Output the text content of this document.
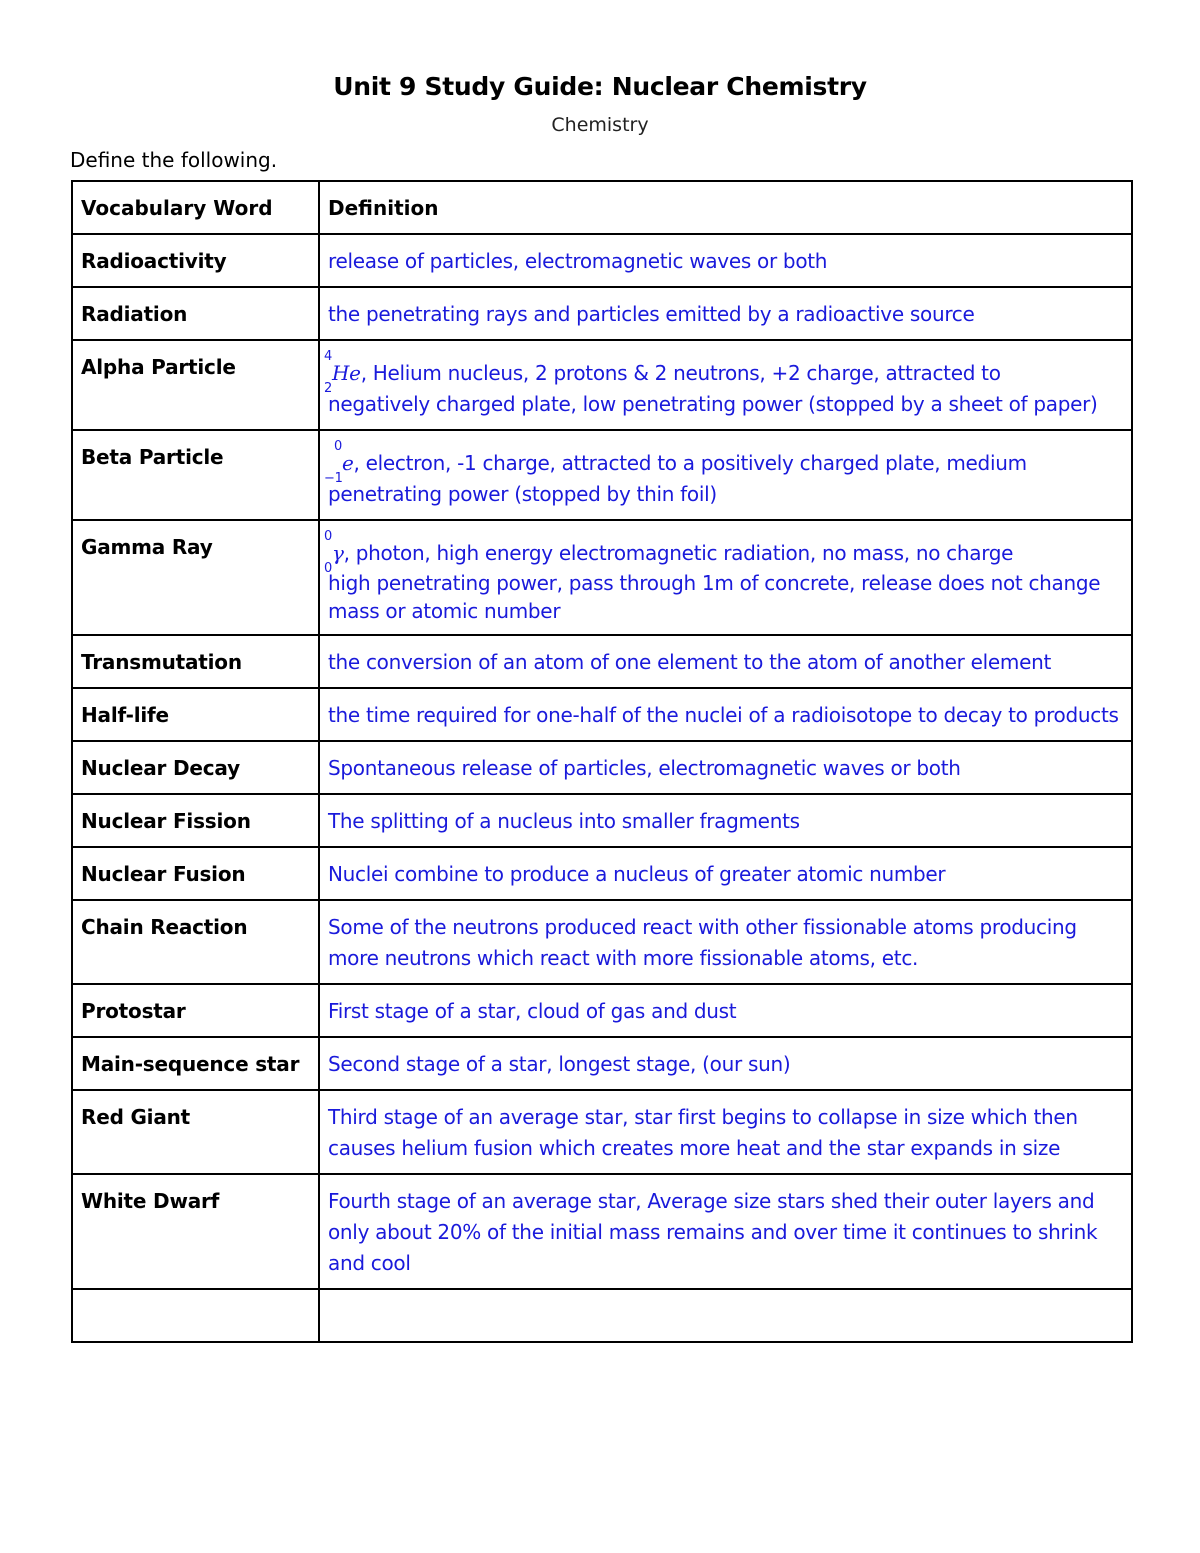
Unit 9 Study Guide: Nuclear Chemistry
Chemistry
Define the following.
Vocabulary Word	Definition
Radioactivity	release of particles, electromagnetic waves or both
Radiation	the penetrating rays and particles emitted by a radioactive source
Alpha Particle	4
2
He, Helium nucleus, 2 protons & 2 neutrons, +2 charge, attracted to
negatively charged plate, low penetrating power (stopped by a sheet of paper)
Beta Particle	0
−1
e, electron, -1 charge, attracted to a positively charged plate, medium
penetrating power (stopped by thin foil)
Gamma Ray	0
0
γ, photon, high energy electromagnetic radiation, no mass, no charge
high penetrating power, pass through 1m of concrete, release does not change mass or atomic number

Transmutation	the conversion of an atom of one element to the atom of another element
Half-life	the time required for one-half of the nuclei of a radioisotope to decay to products
Nuclear Decay	Spontaneous release of particles, electromagnetic waves or both
Nuclear Fission	The splitting of a nucleus into smaller fragments
Nuclear Fusion	Nuclei combine to produce a nucleus of greater atomic number
Chain Reaction	Some of the neutrons produced react with other fissionable atoms producing more neutrons which react with more fissionable atoms, etc.
Protostar	First stage of a star, cloud of gas and dust
Main-sequence star	Second stage of a star, longest stage, (our sun)
Red Giant	Third stage of an average star, star first begins to collapse in size which then causes helium fusion which creates more heat and the star expands in size
White Dwarf	Fourth stage of an average star, Average size stars shed their outer layers and only about 20% of the initial mass remains and over time it continues to shrink and cool
